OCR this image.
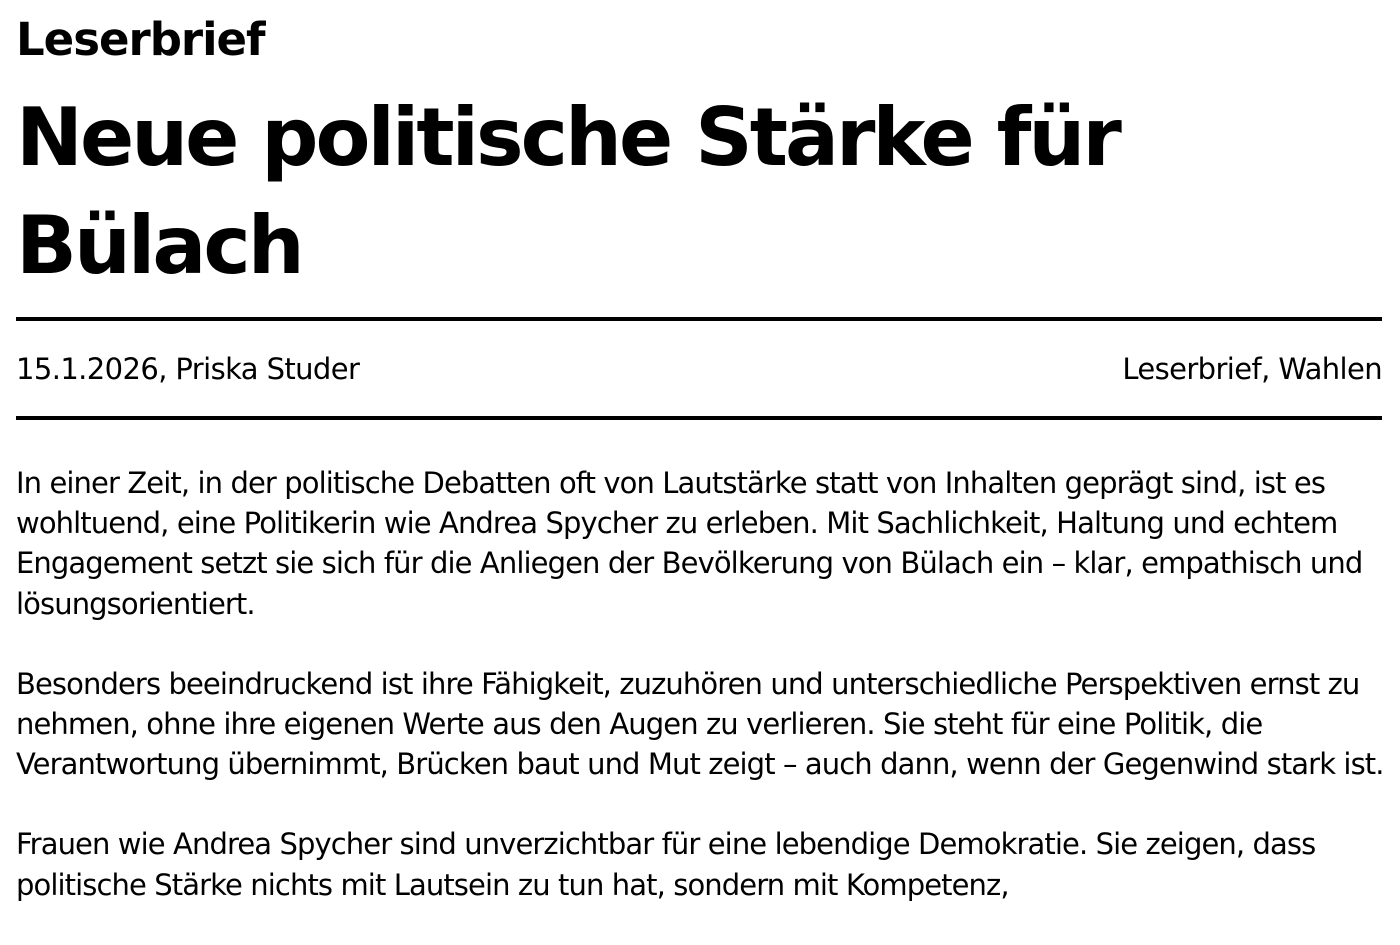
Leserbrief
Neue politische Stärke für Bülach
15.1.2026, Priska Studer	Leserbrief, Wahlen

In einer Zeit, in der politische Debatten oft von Lautstärke statt von Inhalten geprägt sind, ist es wohltuend, eine Politikerin wie Andrea Spycher zu erleben. Mit Sachlichkeit, Haltung und echtem Engagement setzt sie sich für die Anliegen der Bevölkerung von Bülach ein – klar, empathisch und lösungsorientiert.

Besonders beeindruckend ist ihre Fähigkeit, zuzuhören und unterschiedliche Perspektiven ernst zu nehmen, ohne ihre eigenen Werte aus den Augen zu verlieren. Sie steht für eine Politik, die Verantwortung übernimmt, Brücken baut und Mut zeigt – auch dann, wenn der Gegenwind stark ist.

Frauen wie Andrea Spycher sind unverzichtbar für eine lebendige Demokratie. Sie zeigen, dass politische Stärke nichts mit Lautsein zu tun hat, sondern mit Kompetenz,
